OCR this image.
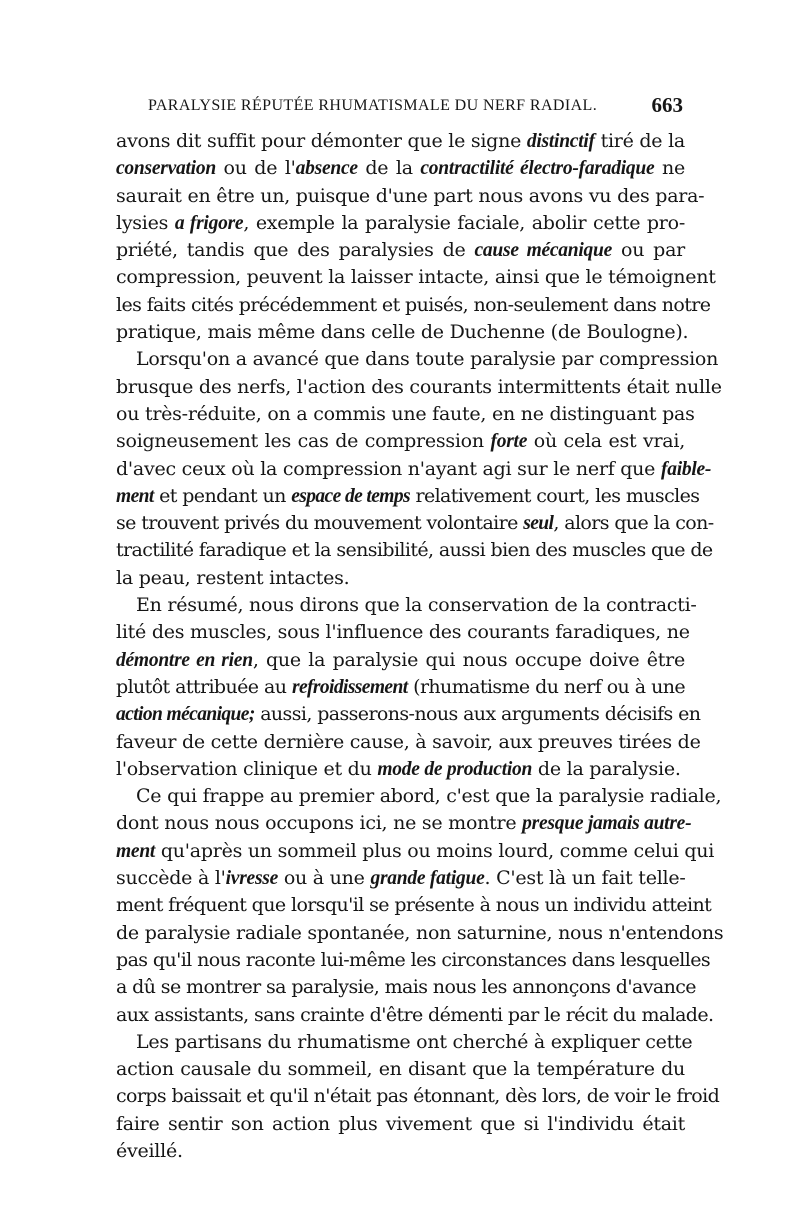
PARALYSIE RÉPUTÉE RHUMATISMALE DU NERF RADIAL.	663
avons dit suffit pour démonter que le signe distinctif tiré de la
conservation ou de l'absence de la contractilité électro-faradique ne
saurait en être un, puisque d'une part nous avons vu des para-
lysies a frigore, exemple la paralysie faciale, abolir cette pro-
priété, tandis que des paralysies de cause mécanique ou par
compression, peuvent la laisser intacte, ainsi que le témoignent
les faits cités précédemment et puisés, non-seulement dans notre
pratique, mais même dans celle de Duchenne (de Boulogne).
Lorsqu'on a avancé que dans toute paralysie par compression
brusque des nerfs, l'action des courants intermittents était nulle
ou très-réduite, on a commis une faute, en ne distinguant pas
soigneusement les cas de compression forte où cela est vrai,
d'avec ceux où la compression n'ayant agi sur le nerf que faible-
ment et pendant un espace de temps relativement court, les muscles
se trouvent privés du mouvement volontaire seul, alors que la con-
tractilité faradique et la sensibilité, aussi bien des muscles que de
la peau, restent intactes.
En résumé, nous dirons que la conservation de la contracti-
lité des muscles, sous l'influence des courants faradiques, ne
démontre en rien, que la paralysie qui nous occupe doive être
plutôt attribuée au refroidissement (rhumatisme du nerf ou à une
action mécanique; aussi, passerons-nous aux arguments décisifs en
faveur de cette dernière cause, à savoir, aux preuves tirées de
l'observation clinique et du mode de production de la paralysie.
Ce qui frappe au premier abord, c'est que la paralysie radiale,
dont nous nous occupons ici, ne se montre presque jamais autre-
ment qu'après un sommeil plus ou moins lourd, comme celui qui
succède à l'ivresse ou à une grande fatigue. C'est là un fait telle-
ment fréquent que lorsqu'il se présente à nous un individu atteint
de paralysie radiale spontanée, non saturnine, nous n'entendons
pas qu'il nous raconte lui-même les circonstances dans lesquelles
a dû se montrer sa paralysie, mais nous les annonçons d'avance
aux assistants, sans crainte d'être démenti par le récit du malade.
Les partisans du rhumatisme ont cherché à expliquer cette
action causale du sommeil, en disant que la température du
corps baissait et qu'il n'était pas étonnant, dès lors, de voir le froid
faire sentir son action plus vivement que si l'individu était
éveillé.
